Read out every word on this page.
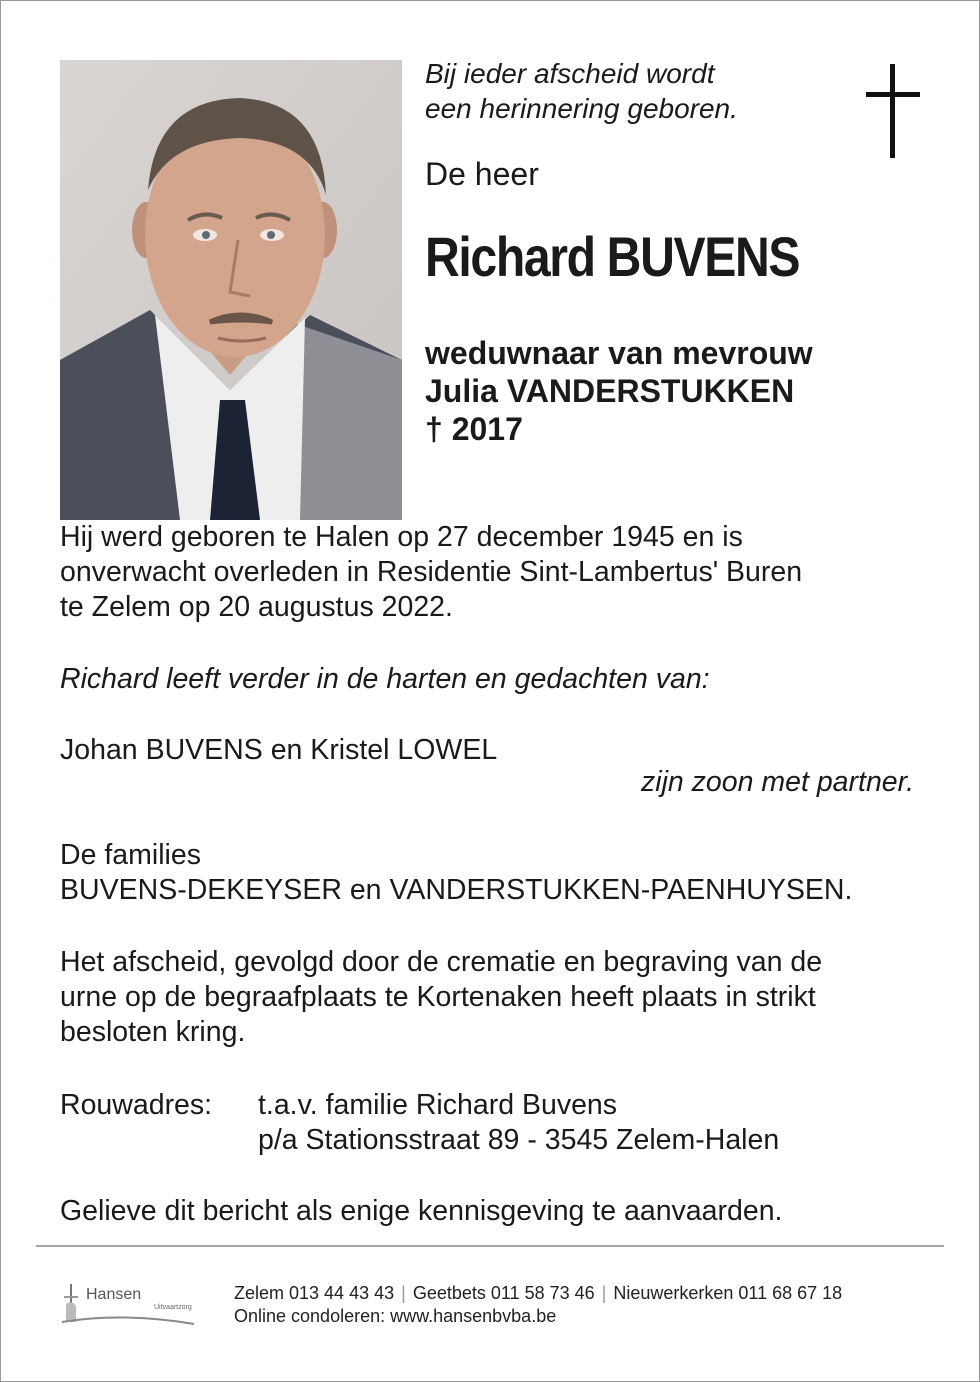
Bij ieder afscheid wordt
een herinnering geboren.
De heer
Richard BUVENS
weduwnaar van mevrouw
Julia VANDERSTUKKEN
† 2017
Hij werd geboren te Halen op 27 december 1945 en is
onverwacht overleden in Residentie Sint-Lambertus' Buren
te Zelem op 20 augustus 2022.
Richard leeft verder in de harten en gedachten van:
Johan BUVENS en Kristel LOWEL
zijn zoon met partner.
De families
BUVENS-DEKEYSER en VANDERSTUKKEN-PAENHUYSEN.
Het afscheid, gevolgd door de crematie en begraving van de
urne op de begraafplaats te Kortenaken heeft plaats in strikt
besloten kring.
Rouwadres: t.a.v. familie Richard Buvens
p/a Stationsstraat 89 - 3545 Zelem-Halen
Gelieve dit bericht als enige kennisgeving te aanvaarden.
Hansen
Uitvaartzorg
Zelem 013 44 43 43 | Geetbets 011 58 73 46 | Nieuwerkerken 011 68 67 18
Online condoleren: www.hansenbvba.be
